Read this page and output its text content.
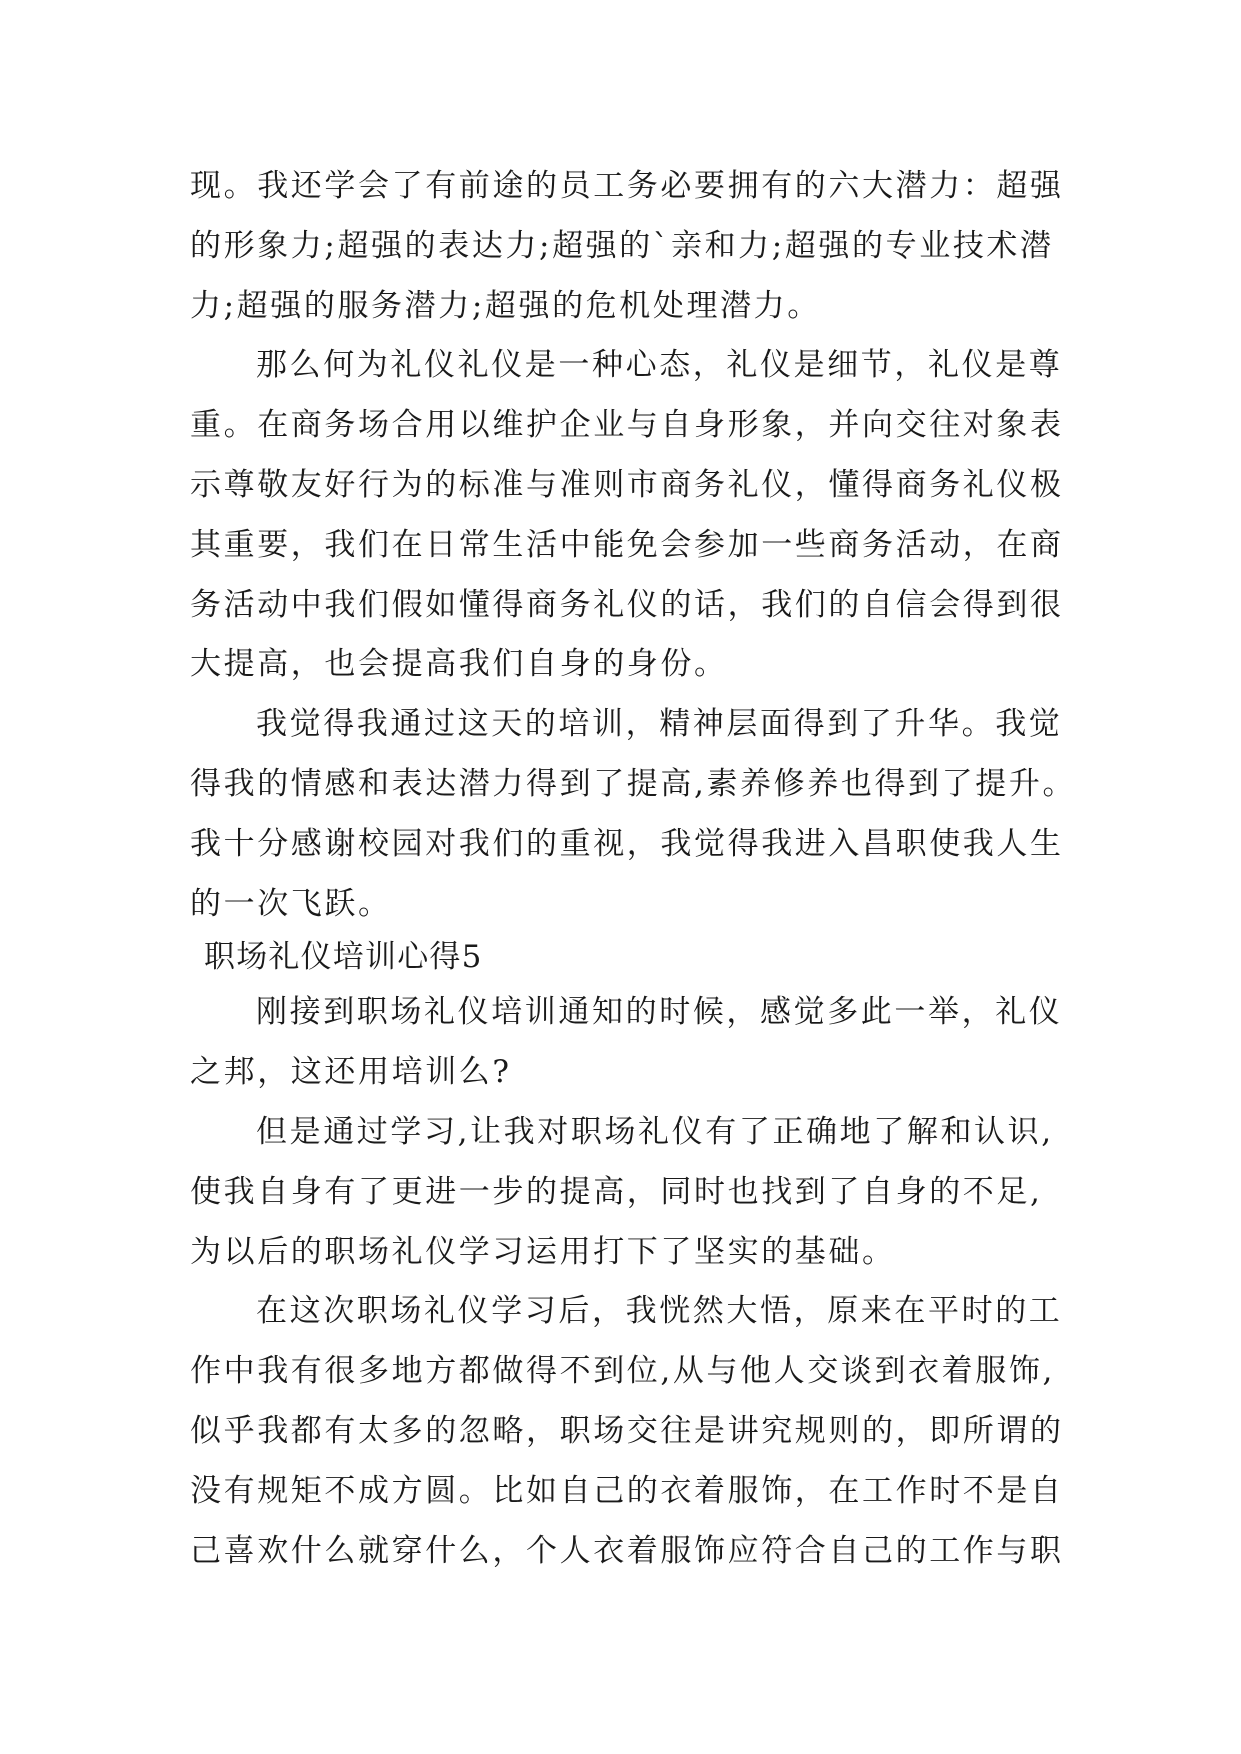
现。我还学会了有前途的员工务必要拥有的六大潜力：超强
的形象力;超强的表达力;超强的`亲和力;超强的专业技术潜
力;超强的服务潜力;超强的危机处理潜力。
那么何为礼仪礼仪是一种心态，礼仪是细节，礼仪是尊
重。在商务场合用以维护企业与自身形象，并向交往对象表
示尊敬友好行为的标准与准则市商务礼仪，懂得商务礼仪极
其重要，我们在日常生活中能免会参加一些商务活动，在商
务活动中我们假如懂得商务礼仪的话，我们的自信会得到很
大提高，也会提高我们自身的身份。
我觉得我通过这天的培训，精神层面得到了升华。我觉
得我的情感和表达潜力得到了提高,素养修养也得到了提升。
我十分感谢校园对我们的重视，我觉得我进入昌职使我人生
的一次飞跃。
职场礼仪培训心得5
刚接到职场礼仪培训通知的时候，感觉多此一举，礼仪
之邦，这还用培训么?
但是通过学习,让我对职场礼仪有了正确地了解和认识,
使我自身有了更进一步的提高，同时也找到了自身的不足,
为以后的职场礼仪学习运用打下了坚实的基础。
在这次职场礼仪学习后，我恍然大悟，原来在平时的工
作中我有很多地方都做得不到位,从与他人交谈到衣着服饰,
似乎我都有太多的忽略，职场交往是讲究规则的，即所谓的
没有规矩不成方圆。比如自己的衣着服饰，在工作时不是自
己喜欢什么就穿什么，个人衣着服饰应符合自己的工作与职
